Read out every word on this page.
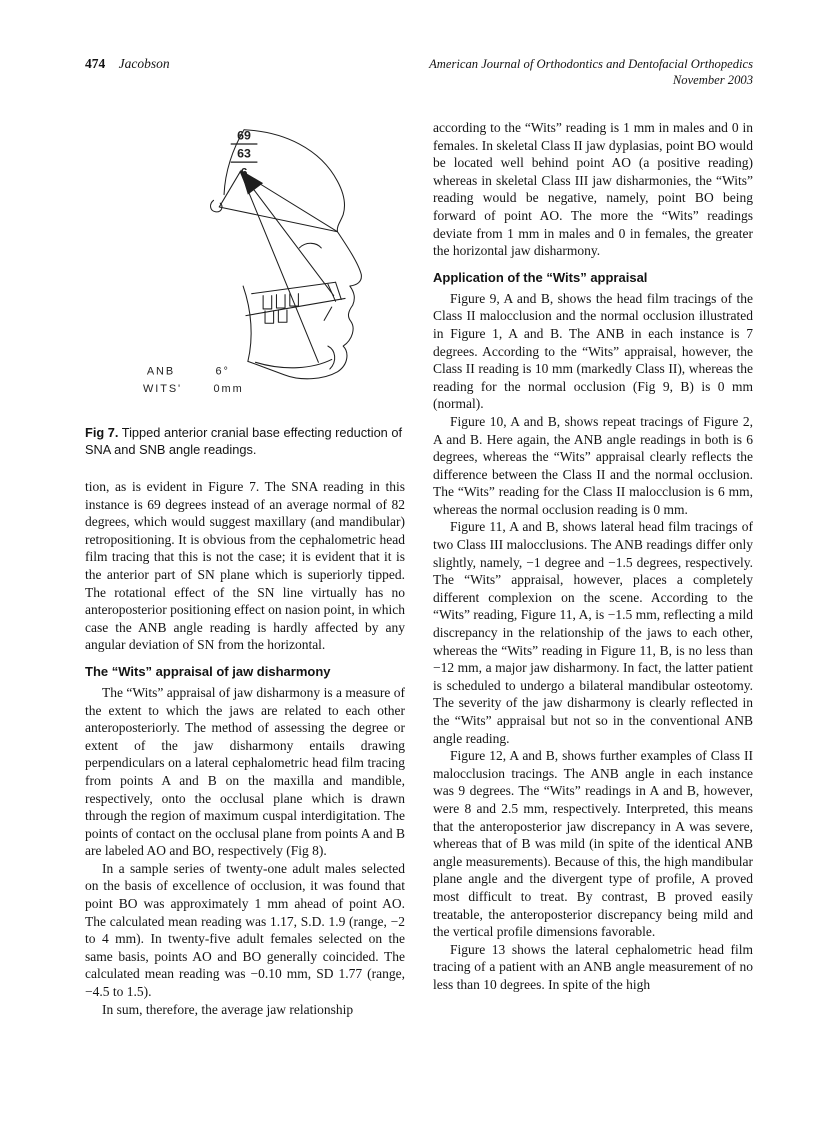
474 Jacobson	American Journal of Orthodontics and Dentofacial Orthopedics
November 2003
69
63
6
ANB	6°
WITS'	0mm
Fig 7. Tipped anterior cranial base effecting reduction of SNA and SNB angle readings.

tion, as is evident in Figure 7. The SNA reading in this instance is 69 degrees instead of an average normal of 82 degrees, which would suggest maxillary (and mandibular) retropositioning. It is obvious from the cephalometric head film tracing that this is not the case; it is evident that it is the anterior part of SN plane which is superiorly tipped. The rotational effect of the SN line virtually has no anteroposterior positioning effect on nasion point, in which case the ANB angle reading is hardly affected by any angular deviation of SN from the horizontal.

The “Wits” appraisal of jaw disharmony

The “Wits” appraisal of jaw disharmony is a measure of the extent to which the jaws are related to each other anteroposteriorly. The method of assessing the degree or extent of the jaw disharmony entails drawing perpendiculars on a lateral cephalometric head film tracing from points A and B on the maxilla and mandible, respectively, onto the occlusal plane which is drawn through the region of maximum cuspal interdigitation. The points of contact on the occlusal plane from points A and B are labeled AO and BO, respectively (Fig 8).

In a sample series of twenty-one adult males selected on the basis of excellence of occlusion, it was found that point BO was approximately 1 mm ahead of point AO. The calculated mean reading was 1.17, S.D. 1.9 (range, −2 to 4 mm). In twenty-five adult females selected on the same basis, points AO and BO generally coincided. The calculated mean reading was −0.10 mm, SD 1.77 (range, −4.5 to 1.5).

In sum, therefore, the average jaw relationship

according to the “Wits” reading is 1 mm in males and 0 in females. In skeletal Class II jaw dyplasias, point BO would be located well behind point AO (a positive reading) whereas in skeletal Class III jaw disharmonies, the “Wits” reading would be negative, namely, point BO being forward of point AO. The more the “Wits” readings deviate from 1 mm in males and 0 in females, the greater the horizontal jaw disharmony.

Application of the “Wits” appraisal

Figure 9, A and B, shows the head film tracings of the Class II malocclusion and the normal occlusion illustrated in Figure 1, A and B. The ANB in each instance is 7 degrees. According to the “Wits” appraisal, however, the Class II reading is 10 mm (markedly Class II), whereas the reading for the normal occlusion (Fig 9, B) is 0 mm (normal).

Figure 10, A and B, shows repeat tracings of Figure 2, A and B. Here again, the ANB angle readings in both is 6 degrees, whereas the “Wits” appraisal clearly reflects the difference between the Class II and the normal occlusion. The “Wits” reading for the Class II malocclusion is 6 mm, whereas the normal occlusion reading is 0 mm.

Figure 11, A and B, shows lateral head film tracings of two Class III malocclusions. The ANB readings differ only slightly, namely, −1 degree and −1.5 degrees, respectively. The “Wits” appraisal, however, places a completely different complexion on the scene. According to the “Wits” reading, Figure 11, A, is −1.5 mm, reflecting a mild discrepancy in the relationship of the jaws to each other, whereas the “Wits” reading in Figure 11, B, is no less than −12 mm, a major jaw disharmony. In fact, the latter patient is scheduled to undergo a bilateral mandibular osteotomy. The severity of the jaw disharmony is clearly reflected in the “Wits” appraisal but not so in the conventional ANB angle reading.

Figure 12, A and B, shows further examples of Class II malocclusion tracings. The ANB angle in each instance was 9 degrees. The “Wits” readings in A and B, however, were 8 and 2.5 mm, respectively. Interpreted, this means that the anteroposterior jaw discrepancy in A was severe, whereas that of B was mild (in spite of the identical ANB angle measurements). Because of this, the high mandibular plane angle and the divergent type of profile, A proved most difficult to treat. By contrast, B proved easily treatable, the anteroposterior discrepancy being mild and the vertical profile dimensions favorable.

Figure 13 shows the lateral cephalometric head film tracing of a patient with an ANB angle measurement of no less than 10 degrees. In spite of the high
